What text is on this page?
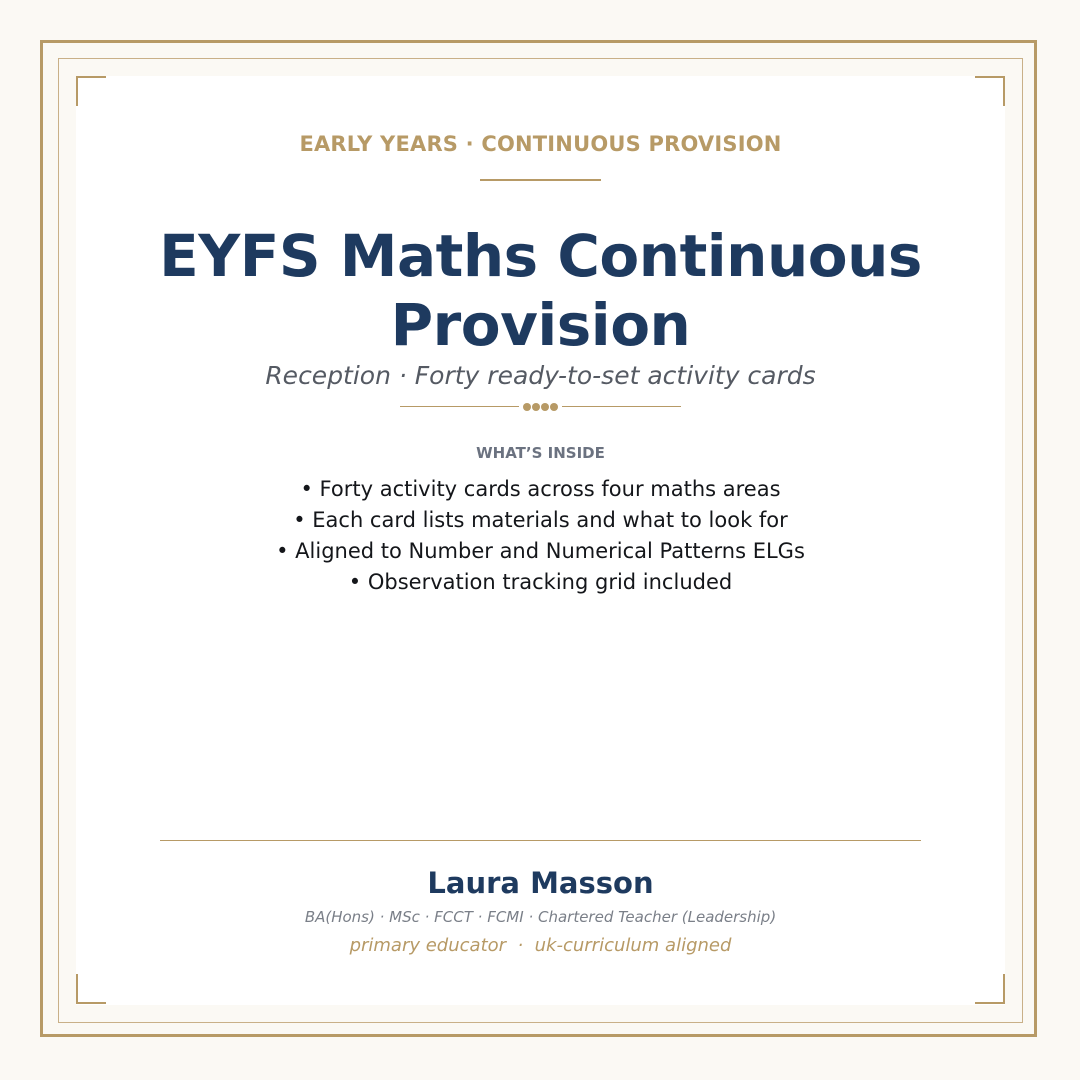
EARLY YEARS · CONTINUOUS PROVISION
EYFS Maths Continuous Provision
Reception · Forty ready-to-set activity cards
WHAT’S INSIDE
• Forty activity cards across four maths areas
• Each card lists materials and what to look for
• Aligned to Number and Numerical Patterns ELGs
• Observation tracking grid included
Laura Masson
BA(Hons) · MSc · FCCT · FCMI · Chartered Teacher (Leadership)
primary educator  ·  uk-curriculum aligned
